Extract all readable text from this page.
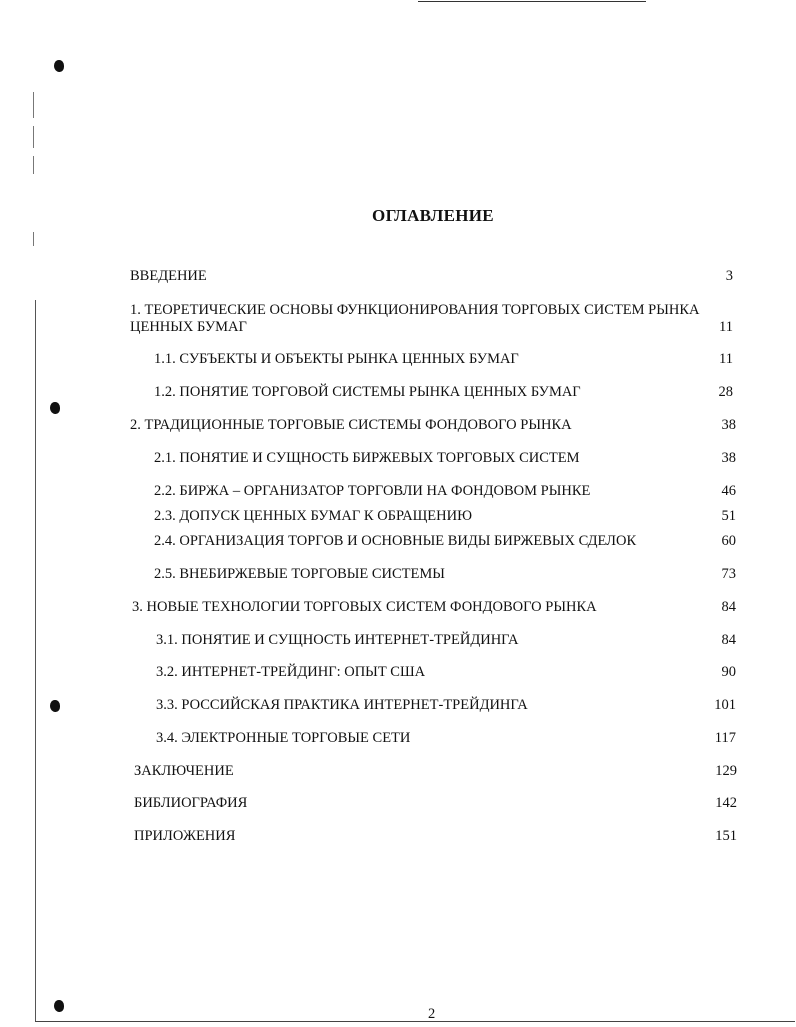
ОГЛАВЛЕНИЕ
ВВЕДЕНИЕ	3
1. ТЕОРЕТИЧЕСКИЕ ОСНОВЫ ФУНКЦИОНИРОВАНИЯ ТОРГОВЫХ СИСТЕМ РЫНКА
ЦЕННЫХ БУМАГ	11
1.1. СУБЪЕКТЫ И ОБЪЕКТЫ РЫНКА ЦЕННЫХ БУМАГ	11
1.2. ПОНЯТИЕ ТОРГОВОЙ СИСТЕМЫ РЫНКА ЦЕННЫХ БУМАГ	28
2. ТРАДИЦИОННЫЕ ТОРГОВЫЕ СИСТЕМЫ ФОНДОВОГО РЫНКА	38
2.1. ПОНЯТИЕ И СУЩНОСТЬ БИРЖЕВЫХ ТОРГОВЫХ СИСТЕМ	38
2.2. БИРЖА – ОРГАНИЗАТОР ТОРГОВЛИ НА ФОНДОВОМ РЫНКЕ	46
2.3. ДОПУСК ЦЕННЫХ БУМАГ К ОБРАЩЕНИЮ	51
2.4. ОРГАНИЗАЦИЯ ТОРГОВ И ОСНОВНЫЕ ВИДЫ БИРЖЕВЫХ СДЕЛОК	60
2.5. ВНЕБИРЖЕВЫЕ ТОРГОВЫЕ СИСТЕМЫ	73
3. НОВЫЕ ТЕХНОЛОГИИ ТОРГОВЫХ СИСТЕМ ФОНДОВОГО РЫНКА	84
3.1. ПОНЯТИЕ И СУЩНОСТЬ ИНТЕРНЕТ-ТРЕЙДИНГА	84
3.2. ИНТЕРНЕТ-ТРЕЙДИНГ: ОПЫТ США	90
3.3. РОССИЙСКАЯ ПРАКТИКА ИНТЕРНЕТ-ТРЕЙДИНГА	101
3.4. ЭЛЕКТРОННЫЕ ТОРГОВЫЕ СЕТИ	117
ЗАКЛЮЧЕНИЕ	129
БИБЛИОГРАФИЯ	142
ПРИЛОЖЕНИЯ	151
2
